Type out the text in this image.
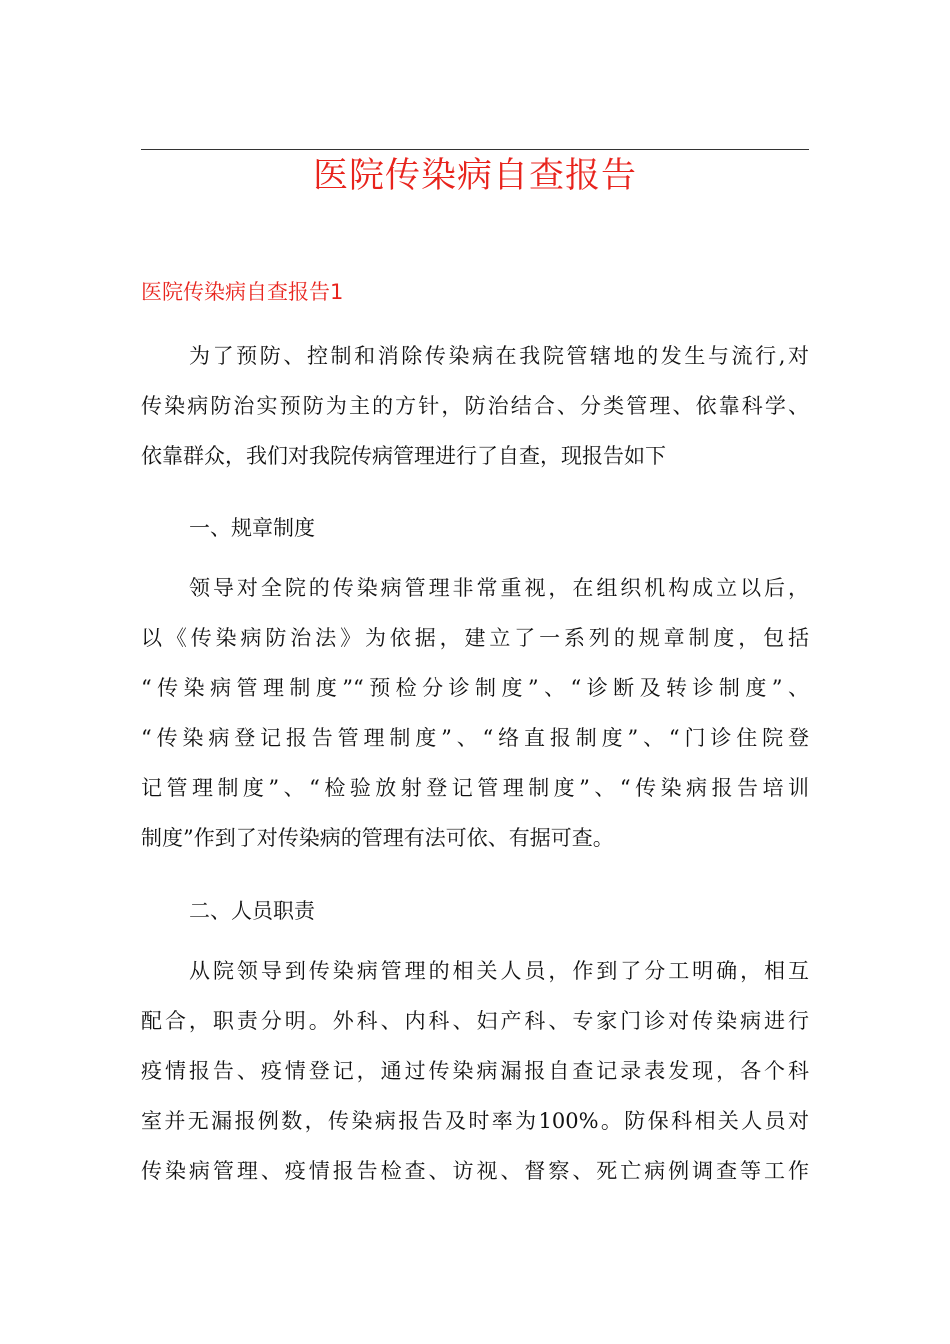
医院传染病自查报告
医院传染病自查报告1
为了预防、控制和消除传染病在我院管辖地的发生与流行,对
传染病防治实预防为主的方针，防治结合、分类管理、依靠科学、
依靠群众，我们对我院传病管理进行了自查，现报告如下
一、规章制度
领导对全院的传染病管理非常重视，在组织机构成立以后，
以《传染病防治法》为依据，建立了一系列的规章制度，包括
“传染病管理制度”“预检分诊制度”、“诊断及转诊制度”、
“传染病登记报告管理制度”、“络直报制度”、“门诊住院登
记管理制度”、“检验放射登记管理制度”、“传染病报告培训
制度”作到了对传染病的管理有法可依、有据可查。
二、人员职责
从院领导到传染病管理的相关人员，作到了分工明确，相互
配合，职责分明。外科、内科、妇产科、专家门诊对传染病进行
疫情报告、疫情登记，通过传染病漏报自查记录表发现，各个科
室并无漏报例数，传染病报告及时率为100%。防保科相关人员对
传染病管理、疫情报告检查、访视、督察、死亡病例调查等工作
